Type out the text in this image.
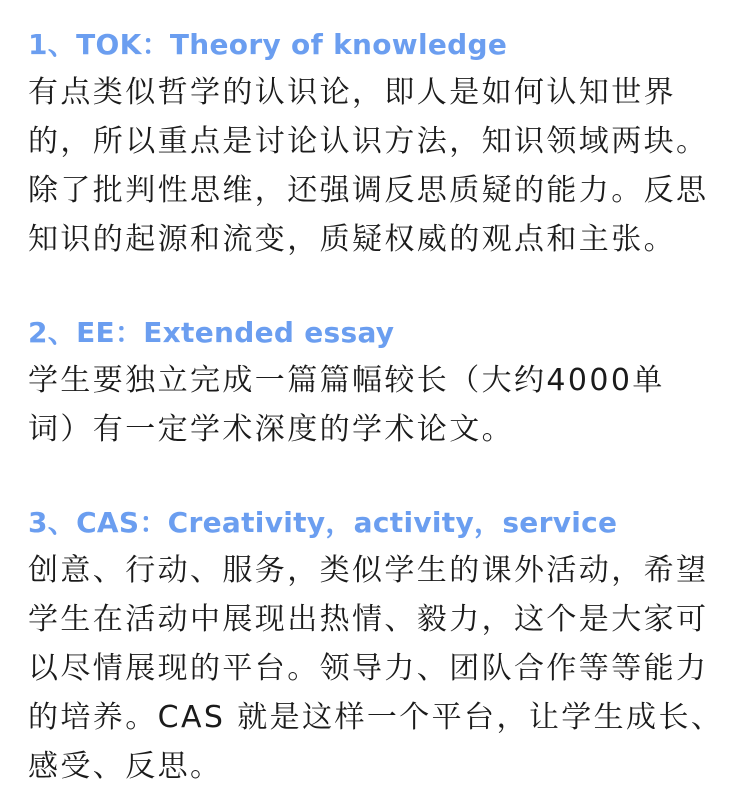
1、TOK：Theory of knowledge
有点类似哲学的认识论，即人是如何认知世界
的，所以重点是讨论认识方法，知识领域两块。
除了批判性思维，还强调反思质疑的能力。反思
知识的起源和流变，质疑权威的观点和主张。
2、EE：Extended essay
学生要独立完成一篇篇幅较长（大约4000单
词）有一定学术深度的学术论文。
3、CAS：Creativity，activity，service
创意、行动、服务，类似学生的课外活动，希望
学生在活动中展现出热情、毅力，这个是大家可
以尽情展现的平台。领导力、团队合作等等能力
的培养。CAS 就是这样一个平台，让学生成长、
感受、反思。
